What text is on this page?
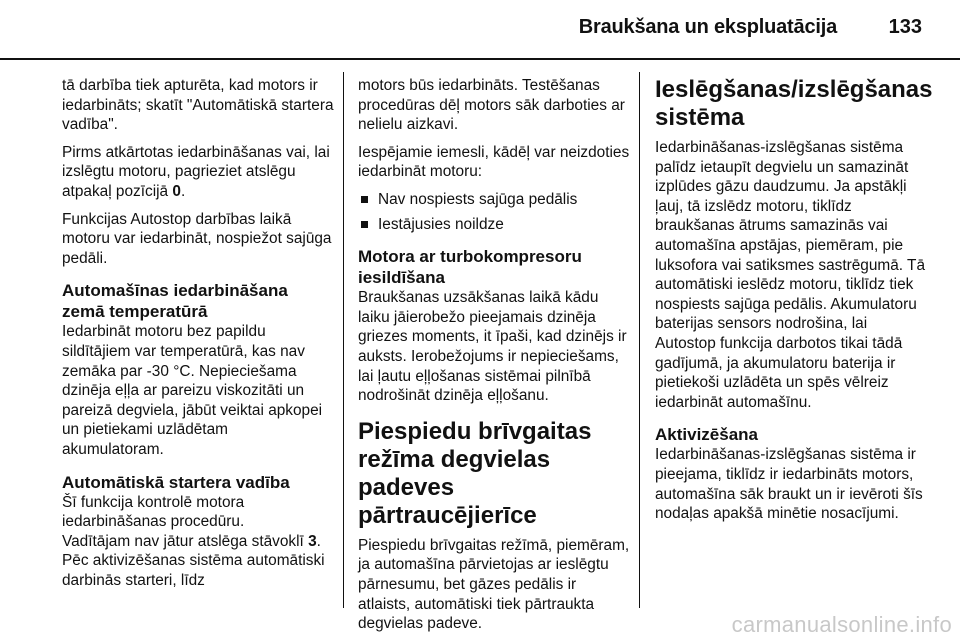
Braukšana un ekspluatācija	133

tā darbība tiek apturēta, kad motors ir iedarbināts; skatīt "Automātiskā startera vadība".

Pirms atkārtotas iedarbināšanas vai, lai izslēgtu motoru, pagrieziet atslēgu atpakaļ pozīcijā 0.

Funkcijas Autostop darbības laikā motoru var iedarbināt, nospiežot sajūga pedāli.

Automašīnas iedarbināšana zemā temperatūrā

Iedarbināt motoru bez papildu sildītājiem var temperatūrā, kas nav zemāka par -30 °C. Nepieciešama dzinēja eļļa ar pareizu viskozitāti un pareizā degviela, jābūt veiktai apkopei un pietiekami uzlādētam akumulatoram.

Automātiskā startera vadība

Šī funkcija kontrolē motora iedarbināšanas procedūru.

Vadītājam nav jātur atslēga stāvoklī 3. Pēc aktivizēšanas sistēma automātiski darbinās starteri, līdz

motors būs iedarbināts. Testēšanas procedūras dēļ motors sāk darboties ar nelielu aizkavi.

Iespējamie iemesli, kādēļ var neizdoties iedarbināt motoru:

Nav nospiests sajūga pedālis
Iestājusies noildze
Motora ar turbokompresoru iesildīšana

Braukšanas uzsākšanas laikā kādu laiku jāierobežo pieejamais dzinēja griezes moments, it īpaši, kad dzinējs ir auksts. Ierobežojums ir nepieciešams, lai ļautu eļļošanas sistēmai pilnībā nodrošināt dzinēja eļļošanu.

Piespiedu brīvgaitas režīma degvielas padeves pārtraucējierīce

Piespiedu brīvgaitas režīmā, piemēram, ja automašīna pārvietojas ar ieslēgtu pārnesumu, bet gāzes pedālis ir atlaists, automātiski tiek pārtraukta degvielas padeve.

Ieslēgšanas/izslēgšanas sistēma

Iedarbināšanas-izslēgšanas sistēma palīdz ietaupīt degvielu un samazināt izplūdes gāzu daudzumu. Ja apstākļi ļauj, tā izslēdz motoru, tiklīdz braukšanas ātrums samazinās vai automašīna apstājas, piemēram, pie luksofora vai satiksmes sastrēgumā. Tā automātiski ieslēdz motoru, tiklīdz tiek nospiests sajūga pedālis. Akumulatoru baterijas sensors nodrošina, lai Autostop funkcija darbotos tikai tādā gadījumā, ja akumulatoru baterija ir pietiekoši uzlādēta un spēs vēlreiz iedarbināt automašīnu.

Aktivizēšana

Iedarbināšanas-izslēgšanas sistēma ir pieejama, tiklīdz ir iedarbināts motors, automašīna sāk braukt un ir ievēroti šīs nodaļas apakšā minētie nosacījumi.

carmanualsonline.info
